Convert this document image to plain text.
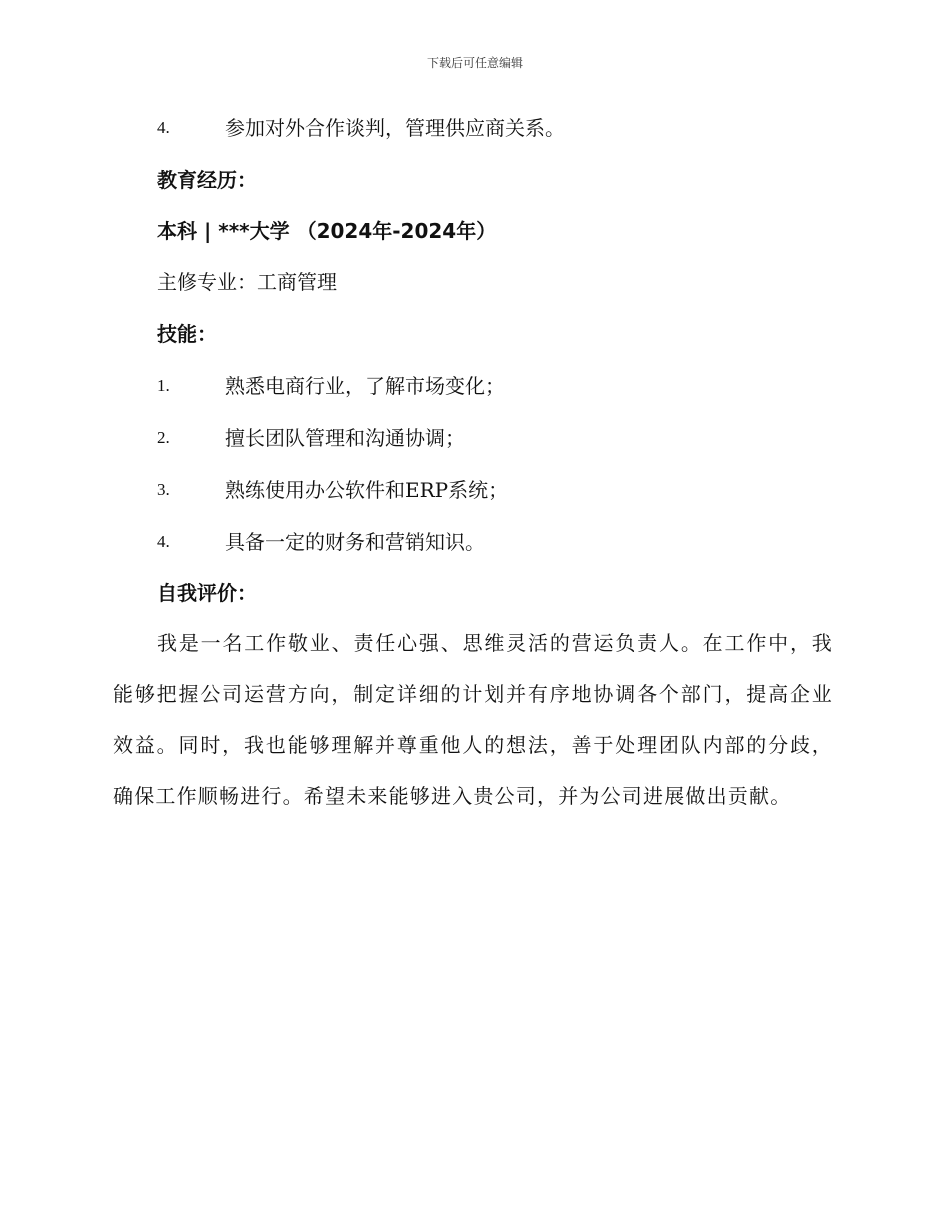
下载后可任意编辑
4.	参加对外合作谈判，管理供应商关系。
教育经历：
本科 | ***大学 （2024年-2024年）
主修专业：工商管理
技能：
1.	熟悉电商行业，了解市场变化；
2.	擅长团队管理和沟通协调；
3.	熟练使用办公软件和ERP系统；
4.	具备一定的财务和营销知识。
自我评价：
我是一名工作敬业、责任心强、思维灵活的营运负责人。在工作中，我能够把握公司运营方向，制定详细的计划并有序地协调各个部门，提高企业效益。同时，我也能够理解并尊重他人的想法，善于处理团队内部的分歧，确保工作顺畅进行。希望未来能够进入贵公司，并为公司进展做出贡献。
